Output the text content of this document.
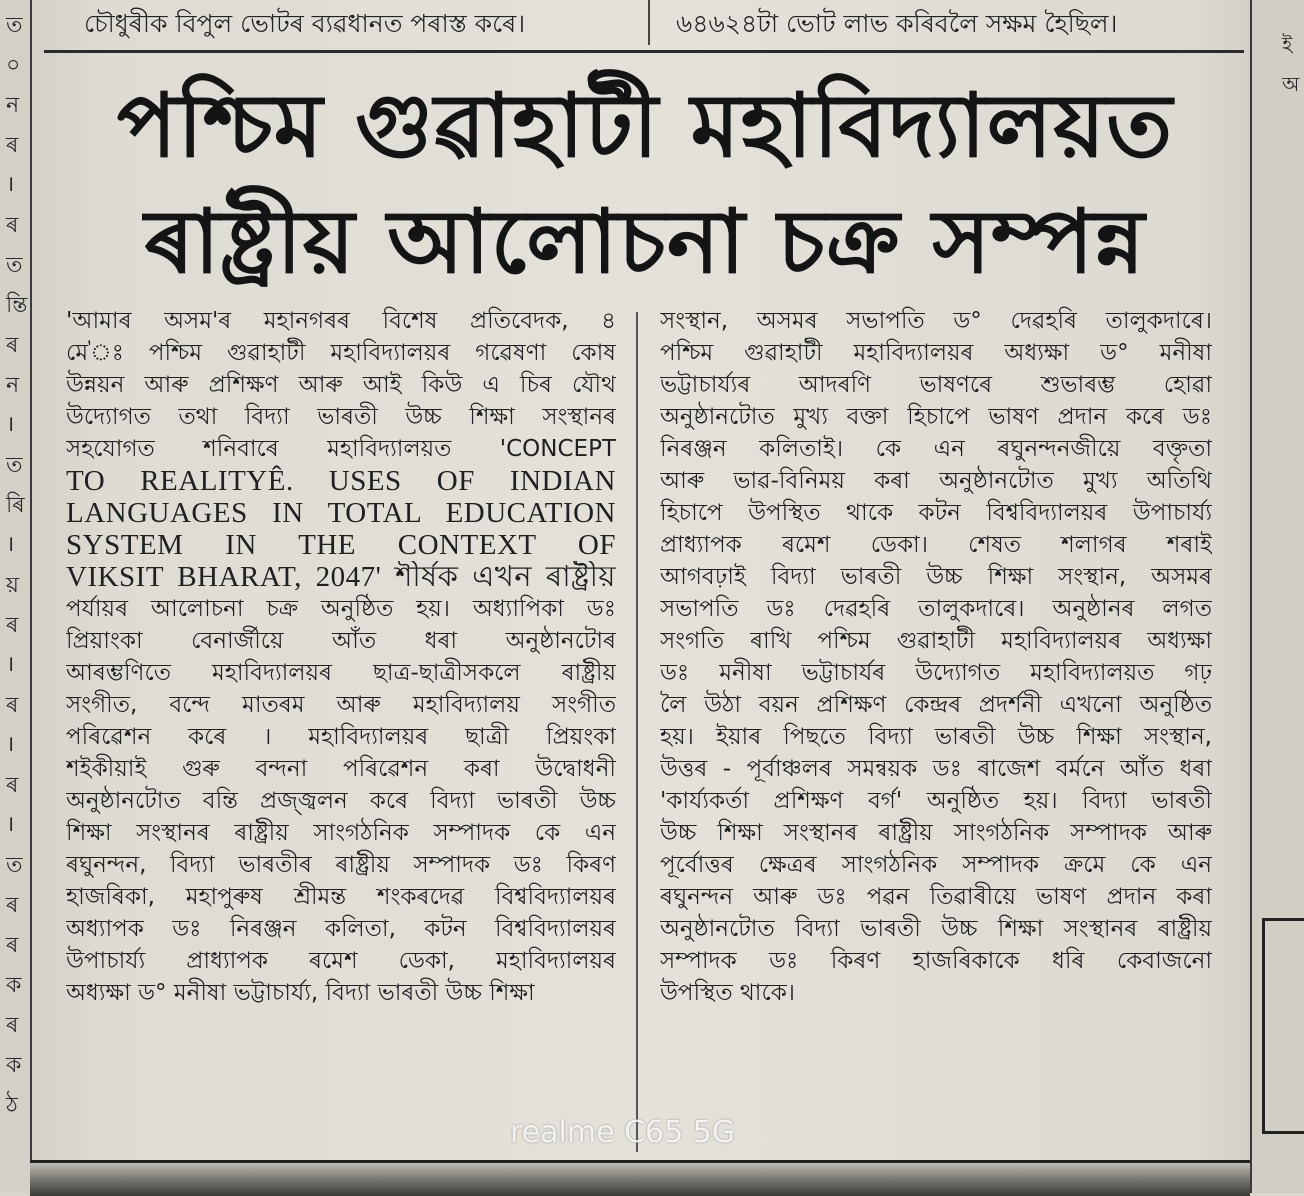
ত
০
ন
ৰ
।
ৰ
ত
ন্তি
ৰ
ন
।
ত
ৰি
।
য়
ৰ
।
ৰ
।
ৰ
।
ত
ৰ
ৰ
ক
ৰ
ক
ঠ
ই
অ
চৌধুৰীক বিপুল ভোটৰ ব্যৱধানত পৰাস্ত কৰে।	৬৪৬২৪টা ভোট লাভ কৰিবলৈ সক্ষম হৈছিল।
পশ্চিম গুৱাহাটী মহাবিদ্যালয়ত
ৰাষ্ট্ৰীয় আলোচনা চক্ৰ সম্পন্ন
'আমাৰ অসম'ৰ মহানগৰৰ বিশেষ প্ৰতিবেদক, ৪
মে'ঃ পশ্চিম গুৱাহাটী মহাবিদ্যালয়ৰ গৱেষণা কোষ
উন্নয়ন আৰু প্ৰশিক্ষণ আৰু আই কিউ এ চিৰ যৌথ
উদ্যোগত তথা বিদ্যা ভাৰতী উচ্চ শিক্ষা সংস্থানৰ
সহযোগত শনিবাৰে মহাবিদ্যালয়ত 'CONCEPT
TO REALITYÊ. USES OF INDIAN
LANGUAGES IN TOTAL EDUCATION
SYSTEM IN THE CONTEXT OF
VIKSIT BHARAT, 2047' শীৰ্ষক এখন ৰাষ্ট্ৰীয়
পৰ্যায়ৰ আলোচনা চক্ৰ অনুষ্ঠিত হয়। অধ্যাপিকা ডঃ
প্ৰিয়াংকা বেনাৰ্জীয়ে আঁত ধৰা অনুষ্ঠানটোৰ
আৰম্ভণিতে মহাবিদ্যালয়ৰ ছাত্ৰ-ছাত্ৰীসকলে ৰাষ্ট্ৰীয়
সংগীত, বন্দে মাতৰম আৰু মহাবিদ্যালয় সংগীত
পৰিৱেশন কৰে । মহাবিদ্যালয়ৰ ছাত্ৰী প্ৰিয়ংকা
শইকীয়াই গুৰু বন্দনা পৰিৱেশন কৰা উদ্বোধনী
অনুষ্ঠানটোত বন্তি প্ৰজ্জ্বলন কৰে বিদ্যা ভাৰতী উচ্চ
শিক্ষা সংস্থানৰ ৰাষ্ট্ৰীয় সাংগঠনিক সম্পাদক কে এন
ৰঘুনন্দন, বিদ্যা ভাৰতীৰ ৰাষ্ট্ৰীয় সম্পাদক ডঃ কিৰণ
হাজৰিকা, মহাপুৰুষ শ্ৰীমন্ত শংকৰদেৱ বিশ্ববিদ্যালয়ৰ
অধ্যাপক ডঃ নিৰঞ্জন কলিতা, কটন বিশ্ববিদ্যালয়ৰ
উপাচাৰ্য্য প্ৰাধ্যাপক ৰমেশ ডেকা, মহাবিদ্যালয়ৰ
অধ্যক্ষা ড° মনীষা ভট্টাচাৰ্য্য, বিদ্যা ভাৰতী উচ্চ শিক্ষা
সংস্থান, অসমৰ সভাপতি ড° দেৱহৰি তালুকদাৰে।
পশ্চিম গুৱাহাটী মহাবিদ্যালয়ৰ অধ্যক্ষা ড° মনীষা
ভট্টাচাৰ্য্যৰ আদৰণি ভাষণৰে শুভাৰম্ভ হোৱা
অনুষ্ঠানটোত মুখ্য বক্তা হিচাপে ভাষণ প্ৰদান কৰে ডঃ
নিৰঞ্জন কলিতাই। কে এন ৰঘুনন্দনজীয়ে বক্তৃতা
আৰু ভাৱ-বিনিময় কৰা অনুষ্ঠানটোত মুখ্য অতিথি
হিচাপে উপস্থিত থাকে কটন বিশ্ববিদ্যালয়ৰ উপাচাৰ্য্য
প্ৰাধ্যাপক ৰমেশ ডেকা। শেষত শলাগৰ শৰাই
আগবঢ়াই বিদ্যা ভাৰতী উচ্চ শিক্ষা সংস্থান, অসমৰ
সভাপতি ডঃ দেৱহৰি তালুকদাৰে। অনুষ্ঠানৰ লগত
সংগতি ৰাখি পশ্চিম গুৱাহাটী মহাবিদ্যালয়ৰ অধ্যক্ষা
ডঃ মনীষা ভট্টাচাৰ্যৰ উদ্যোগত মহাবিদ্যালয়ত গঢ়
লৈ উঠা বয়ন প্ৰশিক্ষণ কেন্দ্ৰৰ প্ৰদৰ্শনী এখনো অনুষ্ঠিত
হয়। ইয়াৰ পিছতে বিদ্যা ভাৰতী উচ্চ শিক্ষা সংস্থান,
উত্তৰ - পূৰ্বাঞ্চলৰ সমন্বয়ক ডঃ ৰাজেশ বৰ্মনে আঁত ধৰা
'কাৰ্য্যকৰ্তা প্ৰশিক্ষণ বৰ্গ' অনুষ্ঠিত হয়। বিদ্যা ভাৰতী
উচ্চ শিক্ষা সংস্থানৰ ৰাষ্ট্ৰীয় সাংগঠনিক সম্পাদক আৰু
পূৰ্বোত্তৰ ক্ষেত্ৰৰ সাংগঠনিক সম্পাদক ক্ৰমে কে এন
ৰঘুনন্দন আৰু ডঃ পৱন তিৱাৰীয়ে ভাষণ প্ৰদান কৰা
অনুষ্ঠানটোত বিদ্যা ভাৰতী উচ্চ শিক্ষা সংস্থানৰ ৰাষ্ট্ৰীয়
সম্পাদক ডঃ কিৰণ হাজৰিকাকে ধৰি কেবাজনো
উপস্থিত থাকে।
realme C65 5G
